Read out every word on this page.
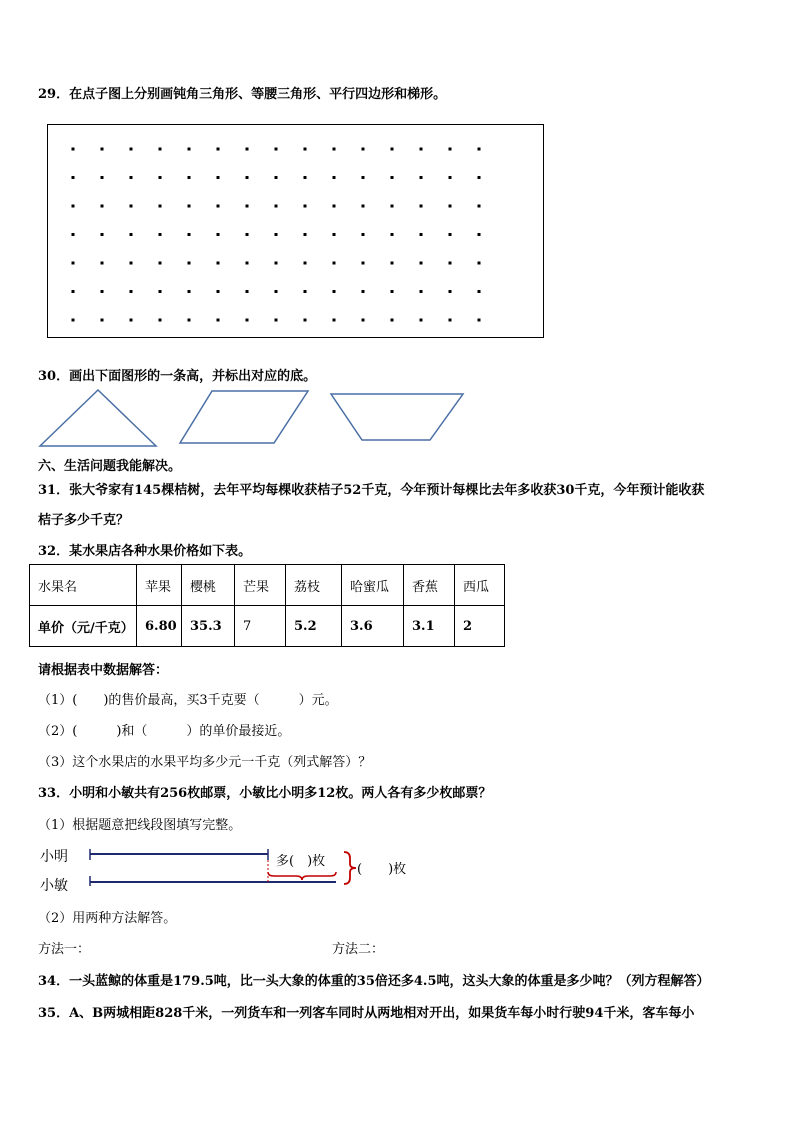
29．在点子图上分别画钝角三角形、等腰三角形、平行四边形和梯形。
30．画出下面图形的一条高，并标出对应的底。
六、生活问题我能解决。
31．张大爷家有145棵桔树，去年平均每棵收获桔子52千克，今年预计每棵比去年多收获30千克，今年预计能收获
桔子多少千克？
32．某水果店各种水果价格如下表。
水果名	苹果	樱桃	芒果	荔枝	哈蜜瓜	香蕉	西瓜
单价（元/千克）	6.80	35.3	7	5.2	3.6	3.1	2
请根据表中数据解答：
（1）(　　)的售价最高，买3千克要（　　　）元。
（2）(　　　)和（　　　）的单价最接近。
（3）这个水果店的水果平均多少元一千克（列式解答）？
33．小明和小敏共有256枚邮票，小敏比小明多12枚。两人各有多少枚邮票？
（1）根据题意把线段图填写完整。
小明
小敏
多(　)枚
(　　)枚
（2）用两种方法解答。
方法一：	方法二：
34．一头蓝鲸的体重是179.5吨，比一头大象的体重的35倍还多4.5吨，这头大象的体重是多少吨？（列方程解答）
35．A、B两城相距828千米，一列货车和一列客车同时从两地相对开出，如果货车每小时行驶94千米，客车每小
